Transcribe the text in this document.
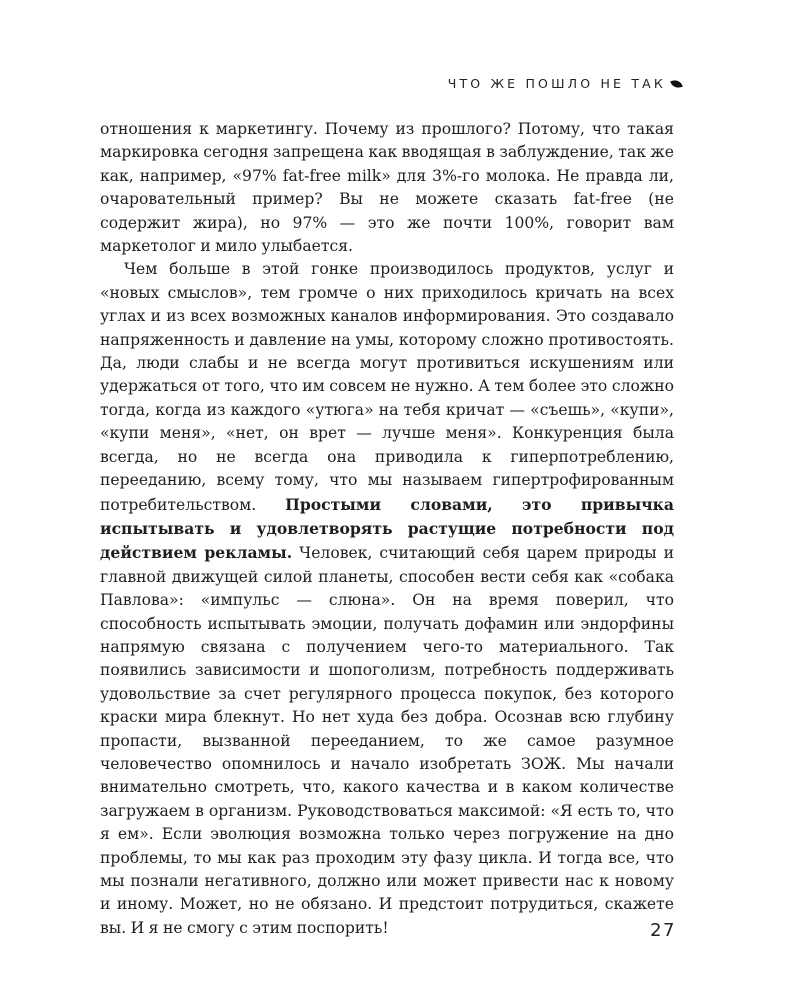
ЧТО ЖЕ ПОШЛО НЕ ТАК

отношения к маркетингу. Почему из прошлого? Потому, что такая маркировка сегодня запрещена как вводящая в заблуждение, так же как, например, «97% fat-free milk» для 3%-го молока. Не правда ли, очаровательный пример? Вы не можете сказать fat-free (не содержит жира), но 97% — это же почти 100%, говорит вам маркетолог и мило улыбается.

Чем больше в этой гонке производилось продуктов, услуг и «новых смыслов», тем громче о них приходилось кричать на всех углах и из всех возможных каналов информирования. Это создавало напряженность и давление на умы, которому сложно противостоять. Да, люди слабы и не всегда могут противиться искушениям или удержаться от того, что им совсем не нужно. А тем более это сложно тогда, когда из каждого «утюга» на тебя кричат — «съешь», «купи», «купи меня», «нет, он врет — лучше меня». Конкуренция была всегда, но не всегда она приводила к гиперпотреблению, перееданию, всему тому, что мы называем гипертрофированным потребительством. Простыми словами, это привычка испытывать и удовлетворять растущие потребности под действием рекламы. Человек, считающий себя царем природы и главной движущей силой планеты, способен вести себя как «собака Павлова»: «импульс — слюна». Он на время поверил, что способность испытывать эмоции, получать дофамин или эндорфины напрямую связана с получением чего-то материального. Так появились зависимости и шопоголизм, потребность поддерживать удовольствие за счет регулярного процесса покупок, без которого краски мира блекнут. Но нет худа без добра. Осознав всю глубину пропасти, вызванной перееданием, то же самое разумное человечество опомнилось и начало изобретать ЗОЖ. Мы начали внимательно смотреть, что, какого качества и в каком количестве загружаем в организм. Руководствоваться максимой: «Я есть то, что я ем». Если эволюция возможна только через погружение на дно проблемы, то мы как раз проходим эту фазу цикла. И тогда все, что мы познали негативного, должно или может привести нас к новому и иному. Может, но не обязано. И предстоит потрудиться, скажете вы. И я не смогу с этим поспорить!	27
